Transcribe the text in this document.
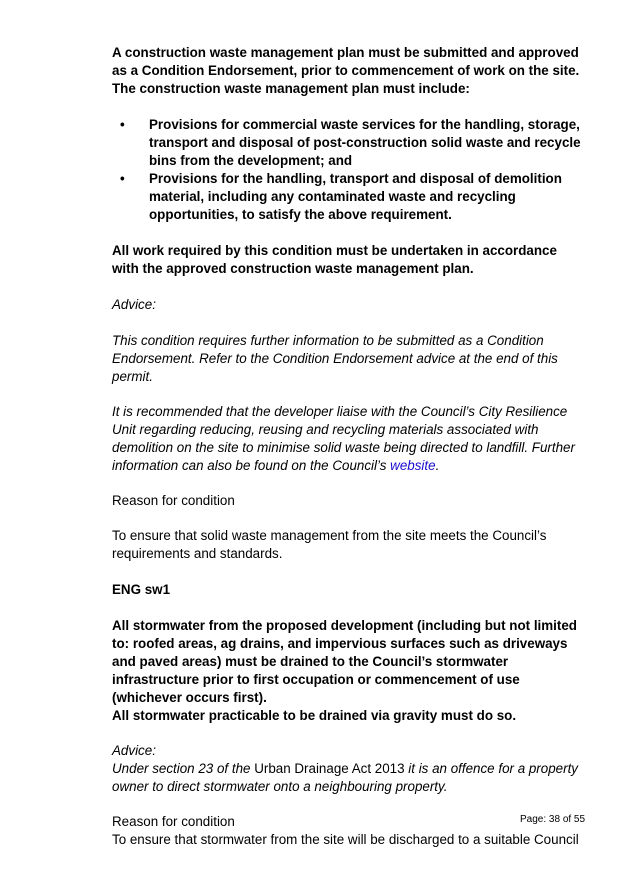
A construction waste management plan must be submitted and approved as a Condition Endorsement, prior to commencement of work on the site. The construction waste management plan must include:

• Provisions for commercial waste services for the handling, storage, transport and disposal of post-construction solid waste and recycle bins from the development; and
• Provisions for the handling, transport and disposal of demolition material, including any contaminated waste and recycling opportunities, to satisfy the above requirement.

All work required by this condition must be undertaken in accordance with the approved construction waste management plan.

Advice:

This condition requires further information to be submitted as a Condition Endorsement. Refer to the Condition Endorsement advice at the end of this permit.

It is recommended that the developer liaise with the Council’s City Resilience Unit regarding reducing, reusing and recycling materials associated with demolition on the site to minimise solid waste being directed to landfill. Further information can also be found on the Council’s website.

Reason for condition

To ensure that solid waste management from the site meets the Council’s requirements and standards.

ENG sw1

All stormwater from the proposed development (including but not limited to: roofed areas, ag drains, and impervious surfaces such as driveways and paved areas) must be drained to the Council’s stormwater infrastructure prior to first occupation or commencement of use (whichever occurs first).

All stormwater practicable to be drained via gravity must do so.

Advice:

Under section 23 of the Urban Drainage Act 2013 it is an offence for a property owner to direct stormwater onto a neighbouring property.

Reason for condition

To ensure that stormwater from the site will be discharged to a suitable Council

Page: 38 of 55
